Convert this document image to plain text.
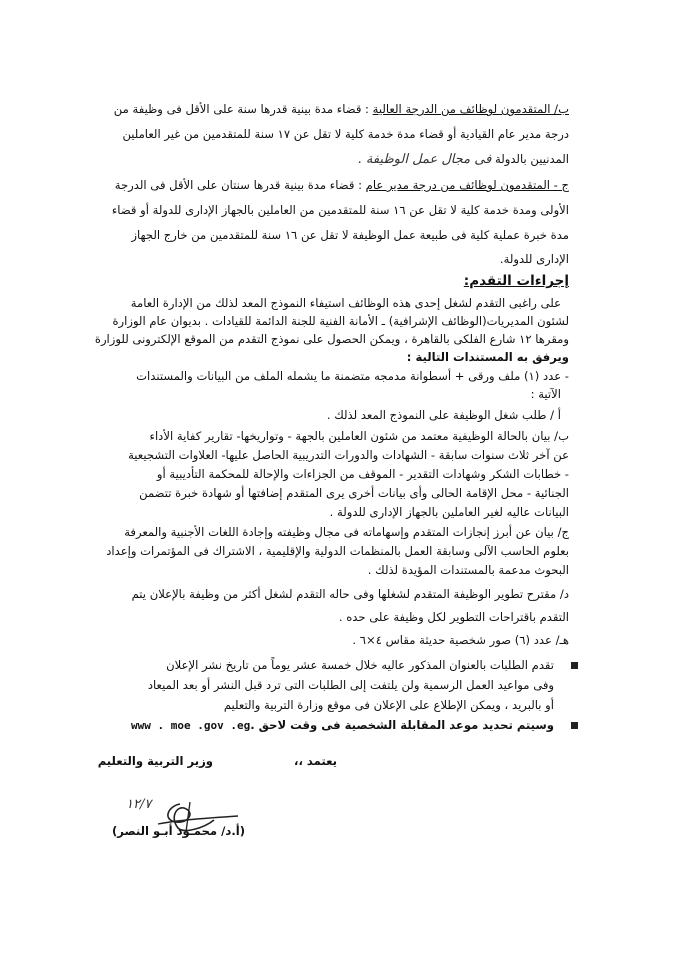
ب/ المتقدمون لوظائف من الدرجة العالية : قضاء مدة بينية قدرها سنة على الأقل فى وظيفة من
درجة مدير عام القيادية أو قضاء مدة خدمة كلية لا تقل عن ١٧ سنة للمتقدمين من غير العاملين
المدنيين بالدولة فى مجال عمل الوظيفة .
ج - المتقدمون لوظائف من درجة مدير عام : قضاء مدة بينية قدرها سنتان على الأقل فى الدرجة
الأولى ومدة خدمة كلية لا تقل عن ١٦ سنة للمتقدمين من العاملين بالجهاز الإدارى للدولة أو قضاء
مدة خبرة عملية كلية فى طبيعة عمل الوظيفة لا تقل عن ١٦ سنة للمتقدمين من خارج الجهاز
الإدارى للدولة.
إجراءات التقدم:
على راغبى التقدم لشغل إحدى هذه الوظائف استيفاء النموذج المعد لذلك من الإدارة العامة
لشئون المديريات(الوظائف الإشرافية) ـ الأمانة الفنية للجنة الدائمة للقيادات . بديوان عام الوزارة
ومقرها ١٢ شارع الفلكى بالقاهرة ، ويمكن الحصول على نموذج التقدم من الموقع الإلكترونى للوزارة
ويرفق به المستندات التالية :
- عدد (١) ملف ورقى + أسطوانة مدمجه متضمنة ما يشمله الملف من البيانات والمستندات
الآتية :
أ / طلب شغل الوظيفة على النموذج المعد لذلك .
ب/ بيان بالحالة الوظيفية معتمد من شئون العاملين بالجهة - وتواريخها- تقارير كفاية الأداء
عن آخر ثلاث سنوات سابقة - الشهادات والدورات التدريبية الحاصل عليها- العلاوات التشجيعية
- خطابات الشكر وشهادات التقدير - الموقف من الجزاءات والإحالة للمحكمة التأديبية أو
الجنائية - محل الإقامة الحالى وأى بيانات أخرى يرى المتقدم إضافتها أو شهادة خبرة تتضمن
البيانات عاليه لغير العاملين بالجهاز الإدارى للدولة .
ج/ بيان عن أبرز إنجازات المتقدم وإسهاماته فى مجال وظيفته وإجادة اللغات الأجنبية والمعرفة
بعلوم الحاسب الآلى وسابقة العمل بالمنظمات الدولية والإقليمية ، الاشتراك فى المؤتمرات وإعداد
البحوث مدعمة بالمستندات المؤيدة لذلك .
د/ مقترح تطوير الوظيفة المتقدم لشغلها وفى حاله التقدم لشغل أكثر من وظيفة بالإعلان يتم
التقدم باقتراحات التطوير لكل وظيفة على حده .
هـ/ عدد (٦) صور شخصية حديثة مقاس ٤×٦ .
تقدم الطلبات بالعنوان المذكور عاليه خلال خمسة عشر يوماً من تاريخ نشر الإعلان
وفى مواعيد العمل الرسمية ولن يلتفت إلى الطلبات التى ترد قبل النشر أو بعد الميعاد
أو بالبريد ، ويمكن الإطلاع على الإعلان فى موقع وزارة التربية والتعليم
وسيتم تحديد موعد المقابلة الشخصية فى وقت لاحق .www . moe .gov .eg
يعتمد ،،
وزير التربية والتعليم
١٢/٧
(أ.د/ محمـود أبـو النصر)
